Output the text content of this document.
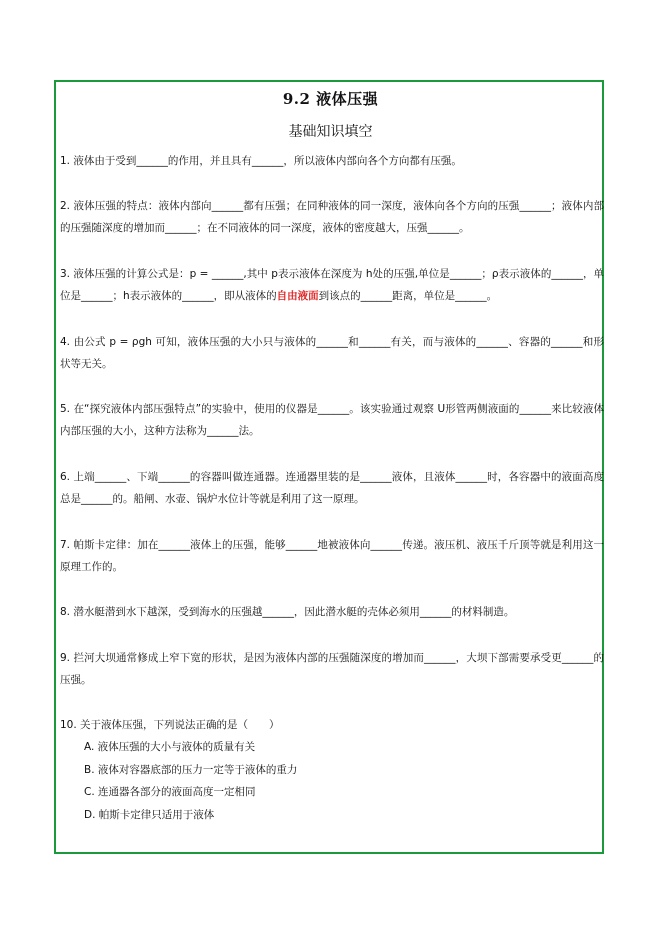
9.2 液体压强
基础知识填空
1. 液体由于受到______的作用，并且具有______，所以液体内部向各个方向都有压强。
2. 液体压强的特点：液体内部向______都有压强；在同种液体的同一深度，液体向各个方向的压强______；液体内部的压强随深度的增加而______；在不同液体的同一深度，液体的密度越大，压强______。
3. 液体压强的计算公式是：p = ______,其中 p表示液体在深度为 h处的压强,单位是______；ρ表示液体的______，单位是______；h表示液体的______，即从液体的自由液面到该点的______距离，单位是______。
4. 由公式 p = ρgh 可知，液体压强的大小只与液体的______和______有关，而与液体的______、容器的______和形状等无关。
5. 在“探究液体内部压强特点”的实验中，使用的仪器是______。该实验通过观察 U形管两侧液面的______来比较液体内部压强的大小，这种方法称为______法。
6. 上端______、下端______的容器叫做连通器。连通器里装的是______液体，且液体______时，各容器中的液面高度总是______的。船闸、水壶、锅炉水位计等就是利用了这一原理。
7. 帕斯卡定律：加在______液体上的压强，能够______地被液体向______传递。液压机、液压千斤顶等就是利用这一原理工作的。
8. 潜水艇潜到水下越深，受到海水的压强越______，因此潜水艇的壳体必须用______的材料制造。
9. 拦河大坝通常修成上窄下宽的形状，是因为液体内部的压强随深度的增加而______，大坝下部需要承受更______的压强。
10. 关于液体压强，下列说法正确的是（　　）
A. 液体压强的大小与液体的质量有关
B. 液体对容器底部的压力一定等于液体的重力
C. 连通器各部分的液面高度一定相同
D. 帕斯卡定律只适用于液体
